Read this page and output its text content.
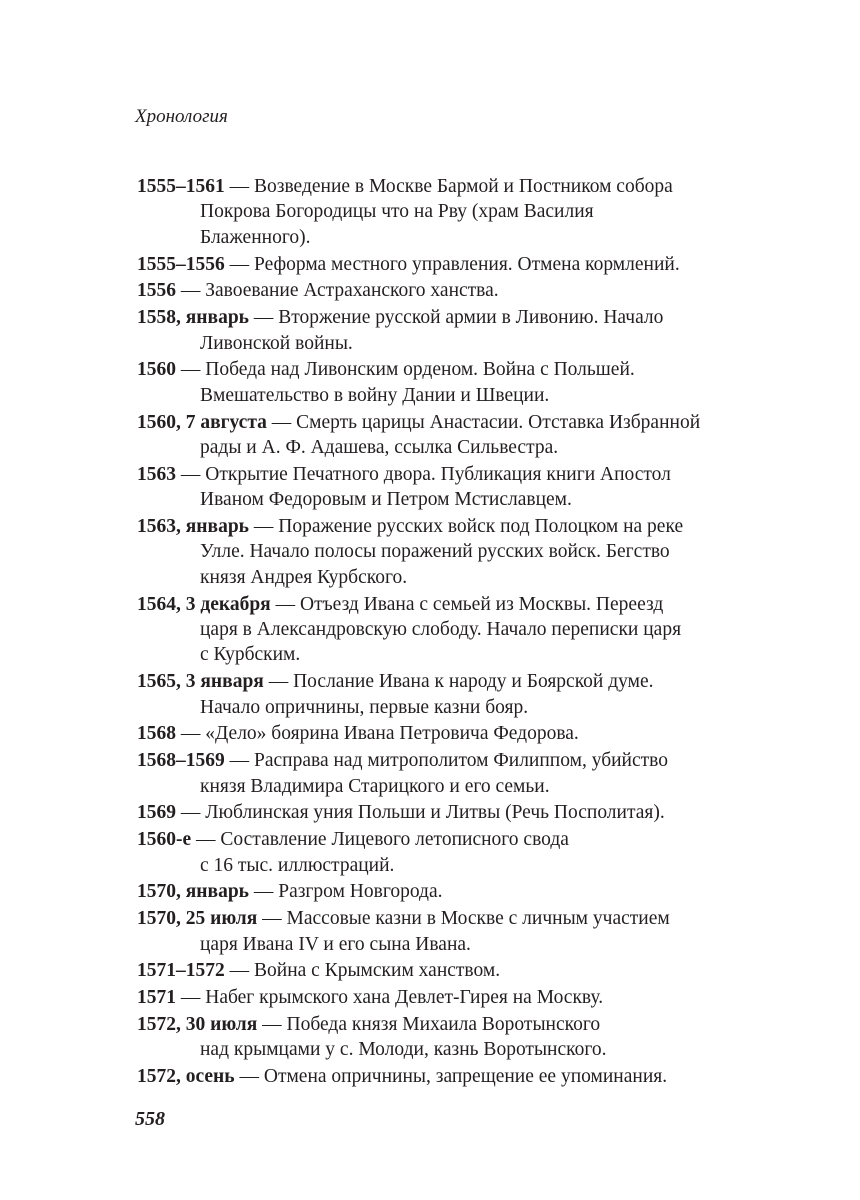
Хронология
1555–1561 — Возведение в Москве Бармой и Постником собора
Покрова Богородицы что на Рву (храм Василия
Блаженного).
1555–1556 — Реформа местного управления. Отмена кормлений.
1556 — Завоевание Астраханского ханства.
1558, январь — Вторжение русской армии в Ливонию. Начало
Ливонской войны.
1560 — Победа над Ливонским орденом. Война с Польшей.
Вмешательство в войну Дании и Швеции.
1560, 7 августа — Смерть царицы Анастасии. Отставка Избранной
рады и А. Ф. Адашева, ссылка Сильвестра.
1563 — Открытие Печатного двора. Публикация книги Апостол
Иваном Федоровым и Петром Мстиславцем.
1563, январь — Поражение русских войск под Полоцком на реке
Улле. Начало полосы поражений русских войск. Бегство
князя Андрея Курбского.
1564, 3 декабря — Отъезд Ивана с семьей из Москвы. Переезд
царя в Александровскую слободу. Начало переписки царя
с Курбским.
1565, 3 января — Послание Ивана к народу и Боярской думе.
Начало опричнины, первые казни бояр.
1568 — «Дело» боярина Ивана Петровича Федорова.
1568–1569 — Расправа над митрополитом Филиппом, убийство
князя Владимира Старицкого и его семьи.
1569 — Люблинская уния Польши и Литвы (Речь Посполитая).
1560-е — Составление Лицевого летописного свода
с 16 тыс. иллюстраций.
1570, январь — Разгром Новгорода.
1570, 25 июля — Массовые казни в Москве с личным участием
царя Ивана IV и его сына Ивана.
1571–1572 — Война с Крымским ханством.
1571 — Набег крымского хана Девлет-Гирея на Москву.
1572, 30 июля — Победа князя Михаила Воротынского
над крымцами у с. Молоди, казнь Воротынского.
1572, осень — Отмена опричнины, запрещение ее упоминания.
558
